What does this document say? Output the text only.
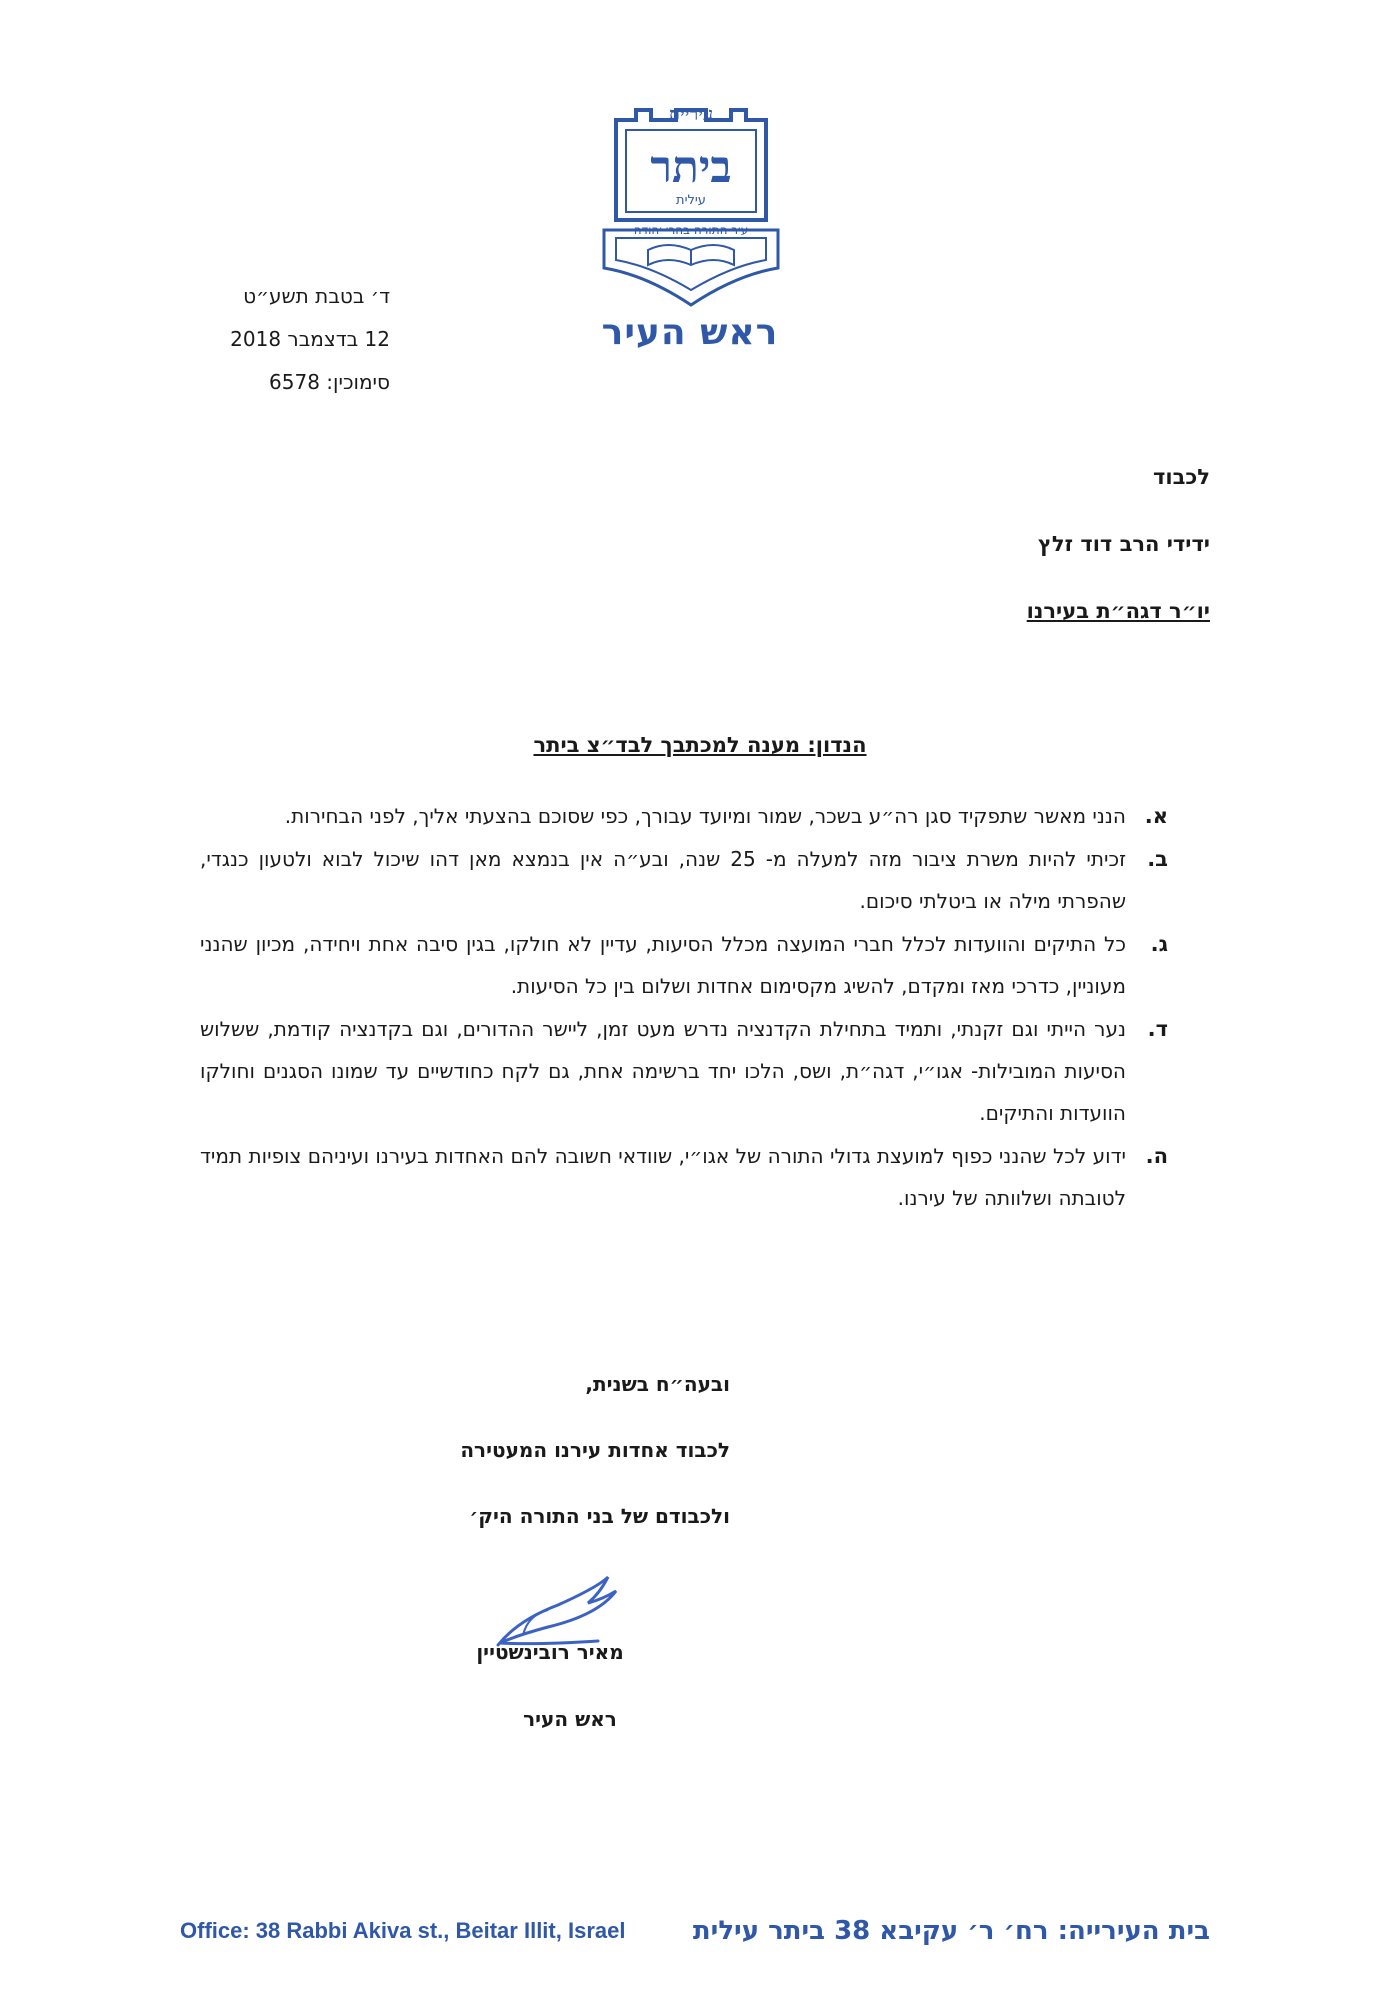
עיריית
ביתר
עילית
עיר התורה בהרי יהודה
ראש העיר
ד׳ בטבת תשע״ט
12 בדצמבר 2018
סימוכין: 6578
לכבוד
ידידי הרב דוד זלץ
יו״ר דגה״ת בעירנו
הנדון: מענה למכתבך לבד״צ ביתר
א.
הנני מאשר שתפקיד סגן רה״ע בשכר, שמור ומיועד עבורך, כפי שסוכם בהצעתי אליך, לפני הבחירות.
ב.
זכיתי להיות משרת ציבור מזה למעלה מ- 25 שנה, ובע״ה אין בנמצא מאן דהו שיכול לבוא ולטעון כנגדי, שהפרתי מילה או ביטלתי סיכום.
ג.
כל התיקים והוועדות לכלל חברי המועצה מכלל הסיעות, עדיין לא חולקו, בגין סיבה אחת ויחידה, מכיון שהנני מעוניין, כדרכי מאז ומקדם, להשיג מקסימום אחדות ושלום בין כל הסיעות.
ד.
נער הייתי וגם זקנתי, ותמיד בתחילת הקדנציה נדרש מעט זמן, ליישר ההדורים, וגם בקדנציה קודמת, ששלוש הסיעות המובילות- אגו״י, דגה״ת, ושס, הלכו יחד ברשימה אחת, גם לקח כחודשיים עד שמונו הסגנים וחולקו הוועדות והתיקים.
ה.
ידוע לכל שהנני כפוף למועצת גדולי התורה של אגו״י, שוודאי חשובה להם האחדות בעירנו ועיניהם צופיות תמיד לטובתה ושלוותה של עירנו.
ובעה״ח בשנית,
לכבוד אחדות עירנו המעטירה
ולכבודם של בני התורה היק׳
מאיר רובינשטיין
ראש העיר
Office: 38 Rabbi Akiva st., Beitar Illit, Israel	בית העירייה: רח׳ ר׳ עקיבא 38 ביתר עילית
